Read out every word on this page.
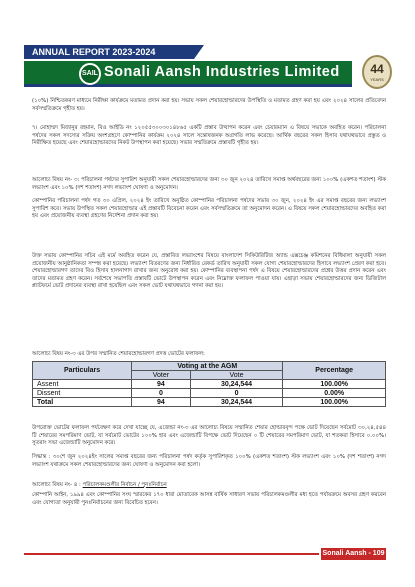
ANNUAL REPORT 2023-2024
SAIL Sonali Aansh Industries Limited	44
YEARS

(১০%) নিশ্চিতকরণ মাধ্যমে নিরীক্ষা কার্যক্রমে মতামত প্রদান করা হয়। সভায় সকল শেয়ারহোল্ডারদের উপস্থিতি ও মতামত গ্রহণ করা হয় এবং ২০২৪ সালের প্রতিবেদন সর্বসম্মতিক্রমে গৃহীত হয়।

৭। মোহাম্মদ মিজানুর রহমান, বিও আইডি নং ১২০৫৫৩০০৩০১৪৮৬৫ একটি প্রস্তাব উত্থাপন করেন এবং চেয়ারম্যান এ বিষয়ে সভাকে অবহিত করেন। পরিচালনা পর্ষদের সকল সদস্যের সক্রিয় অংশগ্রহণে কোম্পানির কার্যক্রম ২০২৪ সালে সন্তোষজনক অগ্রগতি লাভ করেছে। আর্থিক বছরের সকল হিসাব যথাযথভাবে প্রস্তুত ও নিরীক্ষিত হয়েছে এবং শেয়ারহোল্ডারদের নিকট উপস্থাপন করা হয়েছে। সভার সম্মতিক্রমে প্রস্তাবটি গৃহীত হয়।

আলোচ্য বিষয় নং- ৩: পরিচালনা পর্ষদের সুপারিশ অনুযায়ী সকল শেয়ারহোল্ডারদের জন্য ৩০ জুন ২০২৪ তারিখে সমাপ্ত অর্থবছরের জন্য ১০০% (একশত শতাংশ) স্টক লভ্যাংশ এবং ১০% (দশ শতাংশ) নগদ লভ্যাংশ ঘোষণা ও অনুমোদন।

কোম্পানির পরিচালনা পর্ষদ গত ৩০ এপ্রিল, ২০২৪ ইং তারিখে অনুষ্ঠিত কোম্পানির পরিচালনা পর্ষদের সভায় ৩০ জুন, ২০২৪ ইং এর সমাপ্ত বছরের জন্য লভ্যাংশ সুপারিশ করে। সভায় উপস্থিত সকল শেয়ারহোল্ডার এই প্রস্তাবটি বিবেচনা করেন এবং সর্বসম্মতিক্রমে তা অনুমোদন করেন। এ বিষয়ে সকল শেয়ারহোল্ডারদের অবহিত করা হয় এবং প্রয়োজনীয় ব্যবস্থা গ্রহণের নির্দেশনা প্রদান করা হয়।

উক্ত সভায় কোম্পানির সচিব এই মর্মে অবহিত করেন যে, প্রস্তাবিত লভ্যাংশের বিষয়ে বাংলাদেশ সিকিউরিটিজ অ্যান্ড এক্সচেঞ্জ কমিশনের বিধিমালা অনুযায়ী সকল প্রয়োজনীয় আনুষ্ঠানিকতা সম্পন্ন করা হয়েছে। লভ্যাংশ বিতরণের জন্য নির্ধারিত রেকর্ড তারিখ অনুযায়ী সকল যোগ্য শেয়ারহোল্ডারদের হিসাবে লভ্যাংশ প্রেরণ করা হবে। শেয়ারহোল্ডারগণ তাদের বিও হিসাব হালনাগাদ রাখার জন্য অনুরোধ করা হয়। কোম্পানির ব্যবস্থাপনা পর্ষদ এ বিষয়ে শেয়ারহোল্ডারদের প্রশ্নের উত্তর প্রদান করেন এবং তাদের মতামত গ্রহণ করেন। সর্বশেষে সভাপতি প্রস্তাবটি ভোটে উপস্থাপন করেন এবং নিম্নোক্ত ফলাফল পাওয়া যায়। এছাড়া সভায় শেয়ারহোল্ডারদের জন্য ডিজিটাল প্ল্যাটফর্মে ভোট প্রদানের ব্যবস্থা রাখা হয়েছিল এবং সকল ভোট যথাযথভাবে গণনা করা হয়।

আলোচ্য বিষয় নং-৩ এর উপর সম্মানিত শেয়ারহোল্ডারগণ প্রদত্ত ভোটের ফলাফল:

Particulars	Voting at the AGM		Percentage
	Voter	Vote	
Assent	94	30,24,544	100.00%
Dissent	0	0	0.00%
Total	94	30,24,544	100.00%

উপরোক্ত ভোটের ফলাফল পর্যবেক্ষণ করে দেখা যাচ্ছে যে, এজেন্ডা নং-৩ এর আলোচ্য বিষয়ে সম্মানিত শেয়ার হোল্ডারবৃন্দ পক্ষে ভোট দিয়েছেন সর্বমোট ৩০,২৪,৫৪৪ টি শেয়ারের সমপরিমাণ ভোট, যা সর্বমোট ভোটের ১০০% হার এবং এজেন্ডাটি বিপক্ষে ভোট দিয়েছেন ০ টি শেয়ারের সমপরিমাণ ভোট, যা শতকরা হিসাবে ০.০০%। সুতরাং সভা এজেন্ডাটি অনুমোদন করে।

সিদ্ধান্ত : ৩০শে জুন ২০২৪ইং সালের সমাপ্ত বছরের জন্য পরিচালনা পর্ষদ কর্তৃক সুপারিশকৃত ১০০% (একশত শতাংশ) স্টক লভ্যাংশ এবং ১০% (দশ শতাংশ) নগদ লভ্যাংশ যথাক্রমে সকল শেয়ারহোল্ডারদের জন্য ঘোষণা ও অনুমোদন করা হলো।

আলোচ্য বিষয় নং- ৪ : পরিচালকমণ্ডলীর নির্বাচন / পুনঃনির্বাচন

কোম্পানি আইন, ১৯৯৪ এবং কোম্পানির সংঘ স্মারকের ১৭০ ধারা মোতাবেক আসন্ন বার্ষিক সাধারণ সভায় পরিচালকমণ্ডলীর মধ্য হতে পর্যায়ক্রমে অবসর গ্রহণ করবেন এবং যোগ্যতা অনুযায়ী পুনঃনির্বাচনের জন্য বিবেচিত হবেন।

Sonali Aansh - 109
